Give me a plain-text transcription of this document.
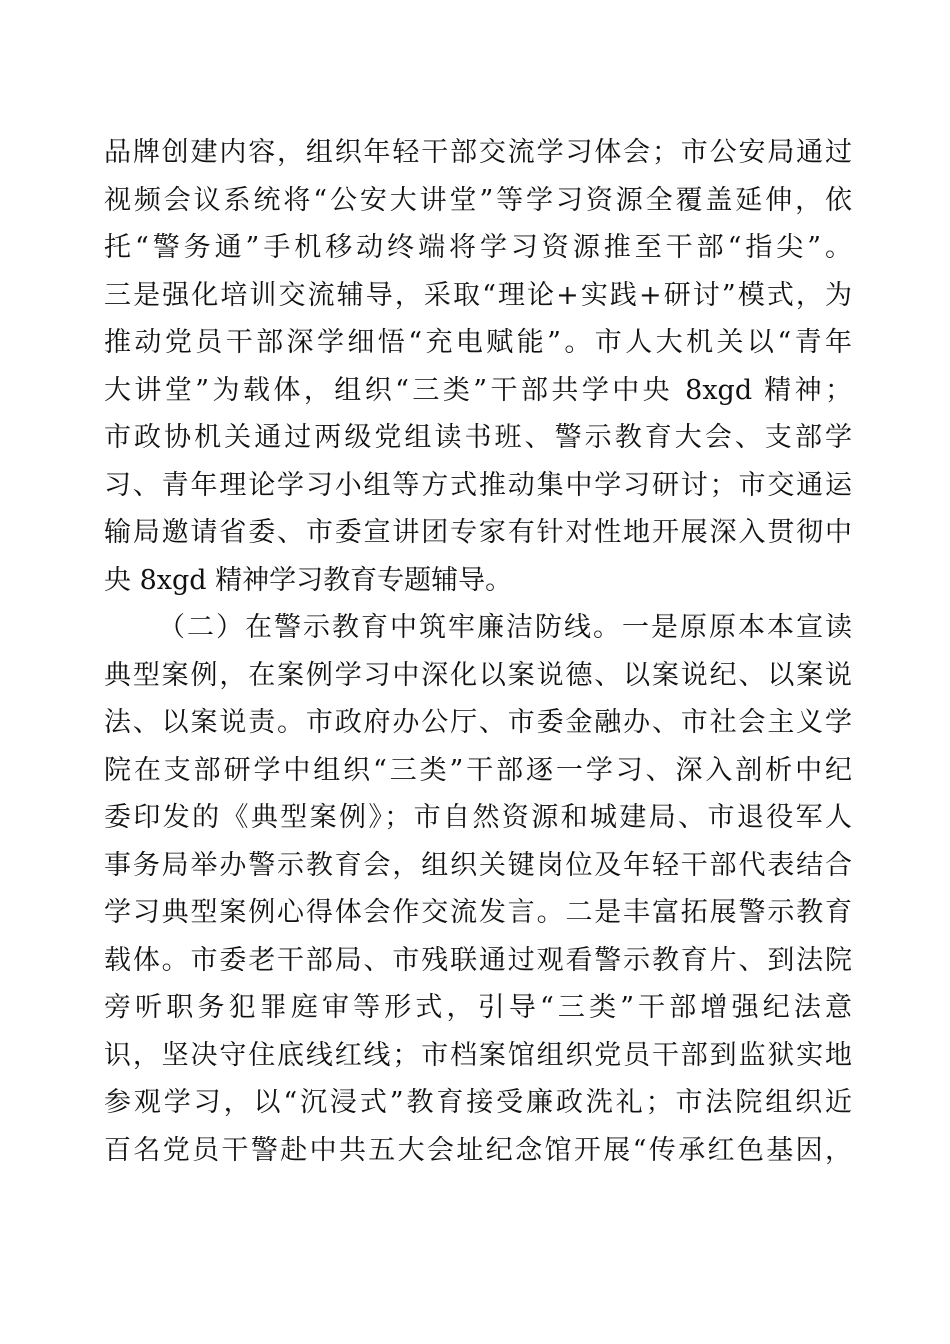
品牌创建内容，组织年轻干部交流学习体会；市公安局通过
视频会议系统将“公安大讲堂”等学习资源全覆盖延伸，依
托“警务通”手机移动终端将学习资源推至干部“指尖”。
三是强化培训交流辅导，采取“理论+实践+研讨”模式，为
推动党员干部深学细悟“充电赋能”。市人大机关以“青年
大讲堂”为载体，组织“三类”干部共学中央 8xgd 精神；
市政协机关通过两级党组读书班、警示教育大会、支部学
习、青年理论学习小组等方式推动集中学习研讨；市交通运
输局邀请省委、市委宣讲团专家有针对性地开展深入贯彻中
央 8xgd 精神学习教育专题辅导。
（二）在警示教育中筑牢廉洁防线。一是原原本本宣读
典型案例，在案例学习中深化以案说德、以案说纪、以案说
法、以案说责。市政府办公厅、市委金融办、市社会主义学
院在支部研学中组织“三类”干部逐一学习、深入剖析中纪
委印发的《典型案例》；市自然资源和城建局、市退役军人
事务局举办警示教育会，组织关键岗位及年轻干部代表结合
学习典型案例心得体会作交流发言。二是丰富拓展警示教育
载体。市委老干部局、市残联通过观看警示教育片、到法院
旁听职务犯罪庭审等形式，引导“三类”干部增强纪法意
识，坚决守住底线红线；市档案馆组织党员干部到监狱实地
参观学习，以“沉浸式”教育接受廉政洗礼；市法院组织近
百名党员干警赴中共五大会址纪念馆开展“传承红色基因，
